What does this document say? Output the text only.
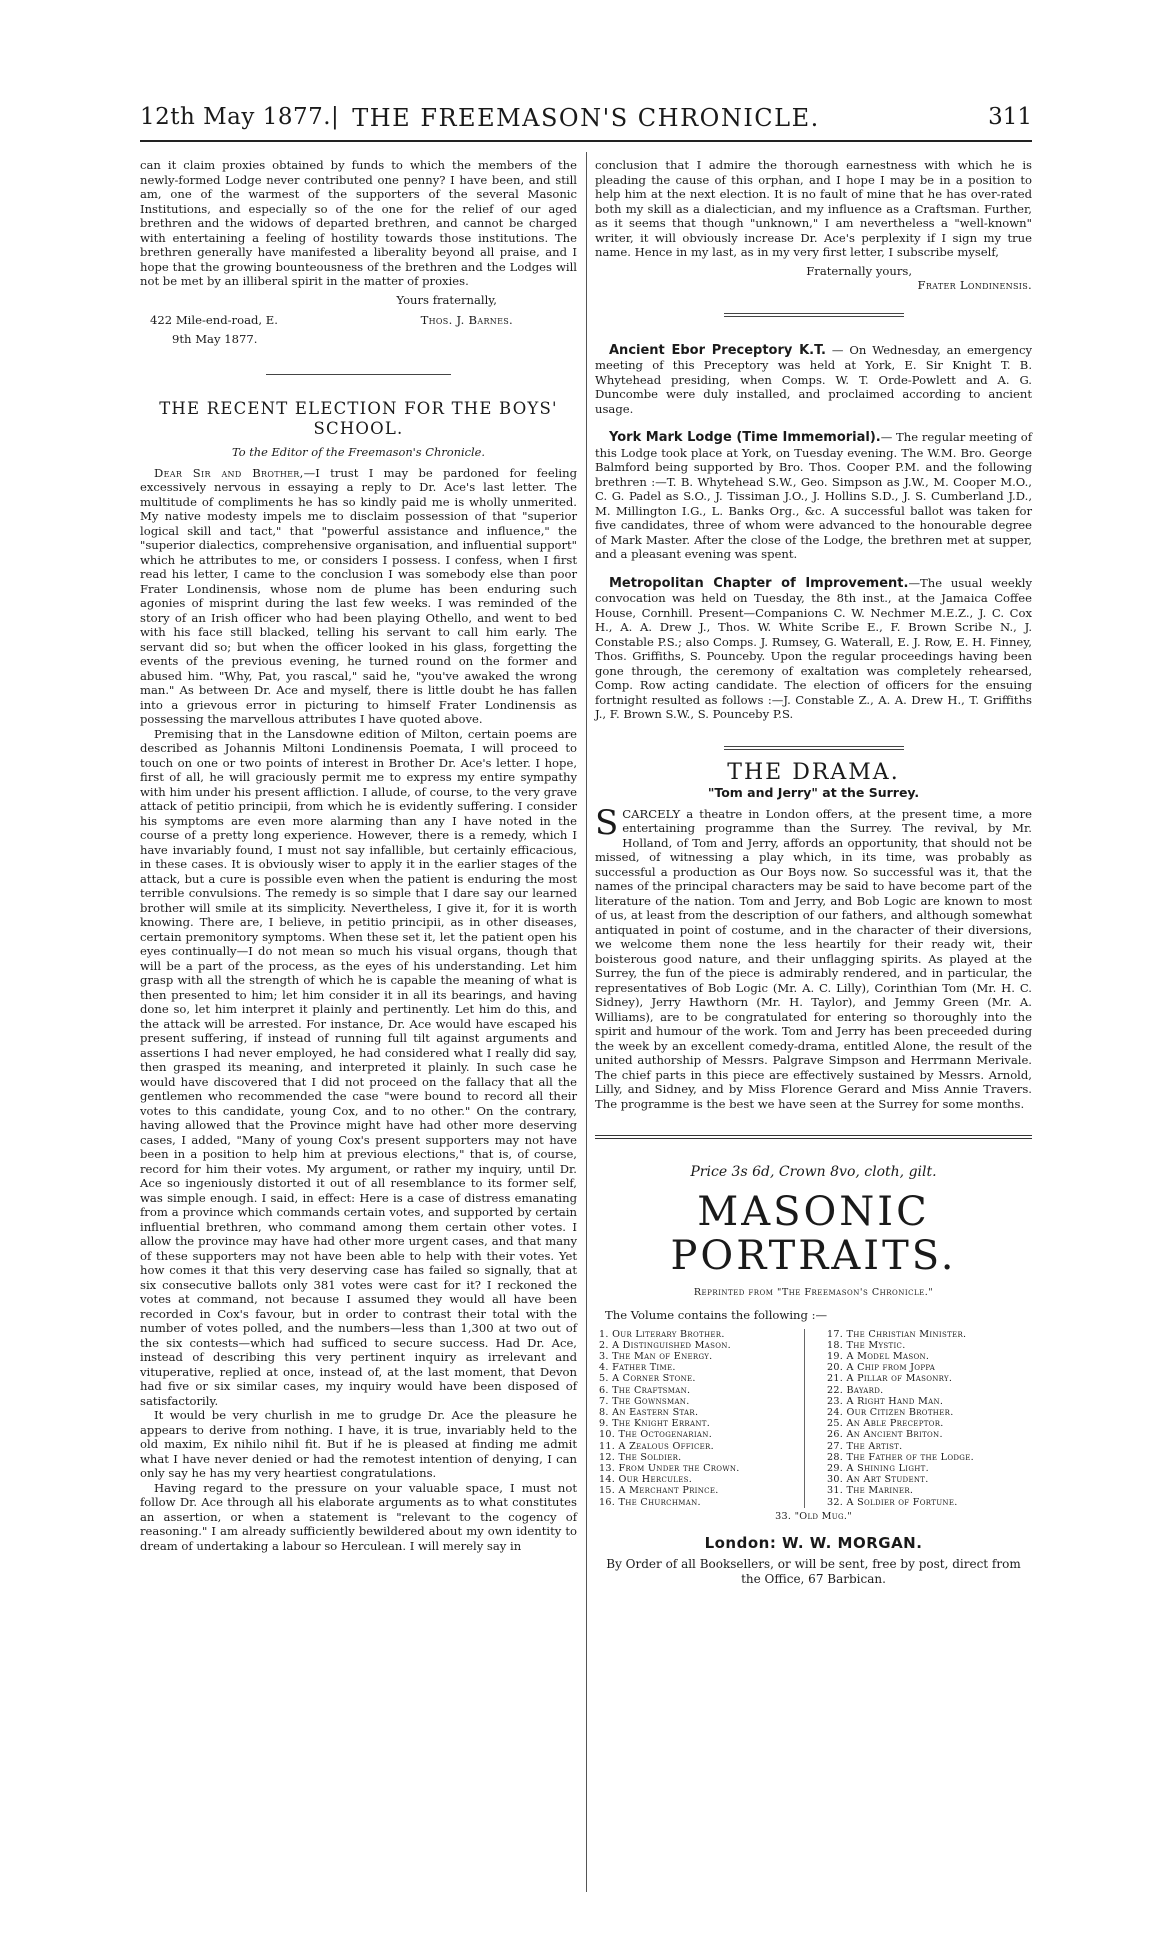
12th May 1877.| THE FREEMASON'S CHRONICLE.	311

can it claim proxies obtained by funds to which the members of the newly-formed Lodge never contributed one penny? I have been, and still am, one of the warmest of the supporters of the several Masonic Institutions, and especially so of the one for the relief of our aged brethren and the widows of departed brethren, and cannot be charged with entertaining a feeling of hostility towards those institutions. The brethren generally have manifested a liberality beyond all praise, and I hope that the growing bounteousness of the brethren and the Lodges will not be met by an illiberal spirit in the matter of proxies.

Yours fraternally,
422 Mile-end-road, E.	Thos. J. Barnes.
9th May 1877.
THE RECENT ELECTION FOR THE BOYS' SCHOOL.
To the Editor of the Freemason's Chronicle.

Dear Sir and Brother,—I trust I may be pardoned for feeling excessively nervous in essaying a reply to Dr. Ace's last letter. The multitude of compliments he has so kindly paid me is wholly unmerited. My native modesty impels me to disclaim possession of that "superior logical skill and tact," that "powerful assistance and influence," the "superior dialectics, comprehensive organisation, and influential support" which he attributes to me, or considers I possess. I confess, when I first read his letter, I came to the conclusion I was somebody else than poor Frater Londinensis, whose nom de plume has been enduring such agonies of misprint during the last few weeks. I was reminded of the story of an Irish officer who had been playing Othello, and went to bed with his face still blacked, telling his servant to call him early. The servant did so; but when the officer looked in his glass, forgetting the events of the previous evening, he turned round on the former and abused him. "Why, Pat, you rascal," said he, "you've awaked the wrong man." As between Dr. Ace and myself, there is little doubt he has fallen into a grievous error in picturing to himself Frater Londinensis as possessing the marvellous attributes I have quoted above.

Premising that in the Lansdowne edition of Milton, certain poems are described as Johannis Miltoni Londinensis Poemata, I will proceed to touch on one or two points of interest in Brother Dr. Ace's letter. I hope, first of all, he will graciously permit me to express my entire sympathy with him under his present affliction. I allude, of course, to the very grave attack of petitio principii, from which he is evidently suffering. I consider his symptoms are even more alarming than any I have noted in the course of a pretty long experience. However, there is a remedy, which I have invariably found, I must not say infallible, but certainly efficacious, in these cases. It is obviously wiser to apply it in the earlier stages of the attack, but a cure is possible even when the patient is enduring the most terrible convulsions. The remedy is so simple that I dare say our learned brother will smile at its simplicity. Nevertheless, I give it, for it is worth knowing. There are, I believe, in petitio principii, as in other diseases, certain premonitory symptoms. When these set it, let the patient open his eyes continually—I do not mean so much his visual organs, though that will be a part of the process, as the eyes of his understanding. Let him grasp with all the strength of which he is capable the meaning of what is then presented to him; let him consider it in all its bearings, and having done so, let him interpret it plainly and pertinently. Let him do this, and the attack will be arrested. For instance, Dr. Ace would have escaped his present suffering, if instead of running full tilt against arguments and assertions I had never employed, he had considered what I really did say, then grasped its meaning, and interpreted it plainly. In such case he would have discovered that I did not proceed on the fallacy that all the gentlemen who recommended the case "were bound to record all their votes to this candidate, young Cox, and to no other." On the contrary, having allowed that the Province might have had other more deserving cases, I added, "Many of young Cox's present supporters may not have been in a position to help him at previous elections," that is, of course, record for him their votes. My argument, or rather my inquiry, until Dr. Ace so ingeniously distorted it out of all resemblance to its former self, was simple enough. I said, in effect: Here is a case of distress emanating from a province which commands certain votes, and supported by certain influential brethren, who command among them certain other votes. I allow the province may have had other more urgent cases, and that many of these supporters may not have been able to help with their votes. Yet how comes it that this very deserving case has failed so signally, that at six consecutive ballots only 381 votes were cast for it? I reckoned the votes at command, not because I assumed they would all have been recorded in Cox's favour, but in order to contrast their total with the number of votes polled, and the numbers—less than 1,300 at two out of the six contests—which had sufficed to secure success. Had Dr. Ace, instead of describing this very pertinent inquiry as irrelevant and vituperative, replied at once, instead of, at the last moment, that Devon had five or six similar cases, my inquiry would have been disposed of satisfactorily.

It would be very churlish in me to grudge Dr. Ace the pleasure he appears to derive from nothing. I have, it is true, invariably held to the old maxim, Ex nihilo nihil fit. But if he is pleased at finding me admit what I have never denied or had the remotest intention of denying, I can only say he has my very heartiest congratulations.

Having regard to the pressure on your valuable space, I must not follow Dr. Ace through all his elaborate arguments as to what constitutes an assertion, or when a statement is "relevant to the cogency of reasoning." I am already sufficiently bewildered about my own identity to dream of undertaking a labour so Herculean. I will merely say in

conclusion that I admire the thorough earnestness with which he is pleading the cause of this orphan, and I hope I may be in a position to help him at the next election. It is no fault of mine that he has over-rated both my skill as a dialectician, and my influence as a Craftsman. Further, as it seems that though "unknown," I am nevertheless a "well-known" writer, it will obviously increase Dr. Ace's perplexity if I sign my true name. Hence in my last, as in my very first letter, I subscribe myself,

Fraternally yours,
Frater Londinensis.

Ancient Ebor Preceptory K.T. — On Wednesday, an emergency meeting of this Preceptory was held at York, E. Sir Knight T. B. Whytehead presiding, when Comps. W. T. Orde-Powlett and A. G. Duncombe were duly installed, and proclaimed according to ancient usage.

York Mark Lodge (Time Immemorial).— The regular meeting of this Lodge took place at York, on Tuesday evening. The W.M. Bro. George Balmford being supported by Bro. Thos. Cooper P.M. and the following brethren :—T. B. Whytehead S.W., Geo. Simpson as J.W., M. Cooper M.O., C. G. Padel as S.O., J. Tissiman J.O., J. Hollins S.D., J. S. Cumberland J.D., M. Millington I.G., L. Banks Org., &c. A successful ballot was taken for five candidates, three of whom were advanced to the honourable degree of Mark Master. After the close of the Lodge, the brethren met at supper, and a pleasant evening was spent.

Metropolitan Chapter of Improvement.—The usual weekly convocation was held on Tuesday, the 8th inst., at the Jamaica Coffee House, Cornhill. Present—Companions C. W. Nechmer M.E.Z., J. C. Cox H., A. A. Drew J., Thos. W. White Scribe E., F. Brown Scribe N., J. Constable P.S.; also Comps. J. Rumsey, G. Waterall, E. J. Row, E. H. Finney, Thos. Griffiths, S. Pounceby. Upon the regular proceedings having been gone through, the ceremony of exaltation was completely rehearsed, Comp. Row acting candidate. The election of officers for the ensuing fortnight resulted as follows :—J. Constable Z., A. A. Drew H., T. Griffiths J., F. Brown S.W., S. Pounceby P.S.

THE DRAMA.
"Tom and Jerry" at the Surrey.

SCARCELY a theatre in London offers, at the present time, a more entertaining programme than the Surrey. The revival, by Mr. Holland, of Tom and Jerry, affords an opportunity, that should not be missed, of witnessing a play which, in its time, was probably as successful a production as Our Boys now. So successful was it, that the names of the principal characters may be said to have become part of the literature of the nation. Tom and Jerry, and Bob Logic are known to most of us, at least from the description of our fathers, and although somewhat antiquated in point of costume, and in the character of their diversions, we welcome them none the less heartily for their ready wit, their boisterous good nature, and their unflagging spirits. As played at the Surrey, the fun of the piece is admirably rendered, and in particular, the representatives of Bob Logic (Mr. A. C. Lilly), Corinthian Tom (Mr. H. C. Sidney), Jerry Hawthorn (Mr. H. Taylor), and Jemmy Green (Mr. A. Williams), are to be congratulated for entering so thoroughly into the spirit and humour of the work. Tom and Jerry has been preceeded during the week by an excellent comedy-drama, entitled Alone, the result of the united authorship of Messrs. Palgrave Simpson and Herrmann Merivale. The chief parts in this piece are effectively sustained by Messrs. Arnold, Lilly, and Sidney, and by Miss Florence Gerard and Miss Annie Travers. The programme is the best we have seen at the Surrey for some months.

Price 3s 6d, Crown 8vo, cloth, gilt.
MASONIC PORTRAITS.
Reprinted from "The Freemason's Chronicle."
The Volume contains the following :—
1. Our Literary Brother.
2. A Distinguished Mason.
3. The Man of Energy.
4. Father Time.
5. A Corner Stone.
6. The Craftsman.
7. The Gownsman.
8. An Eastern Star.
9. The Knight Errant.
10. The Octogenarian.
11. A Zealous Officer.
12. The Soldier.
13. From Under the Crown.
14. Our Hercules.
15. A Merchant Prince.
16. The Churchman.
17. The Christian Minister.
18. The Mystic.
19. A Model Mason.
20. A Chip from Joppa
21. A Pillar of Masonry.
22. Bayard.
23. A Right Hand Man.
24. Our Citizen Brother.
25. An Able Preceptor.
26. An Ancient Briton.
27. The Artist.
28. The Father of the Lodge.
29. A Shining Light.
30. An Art Student.
31. The Mariner.
32. A Soldier of Fortune.
33. "Old Mug."
London: W. W. MORGAN.
By Order of all Booksellers, or will be sent, free by post, direct from the Office, 67 Barbican.
